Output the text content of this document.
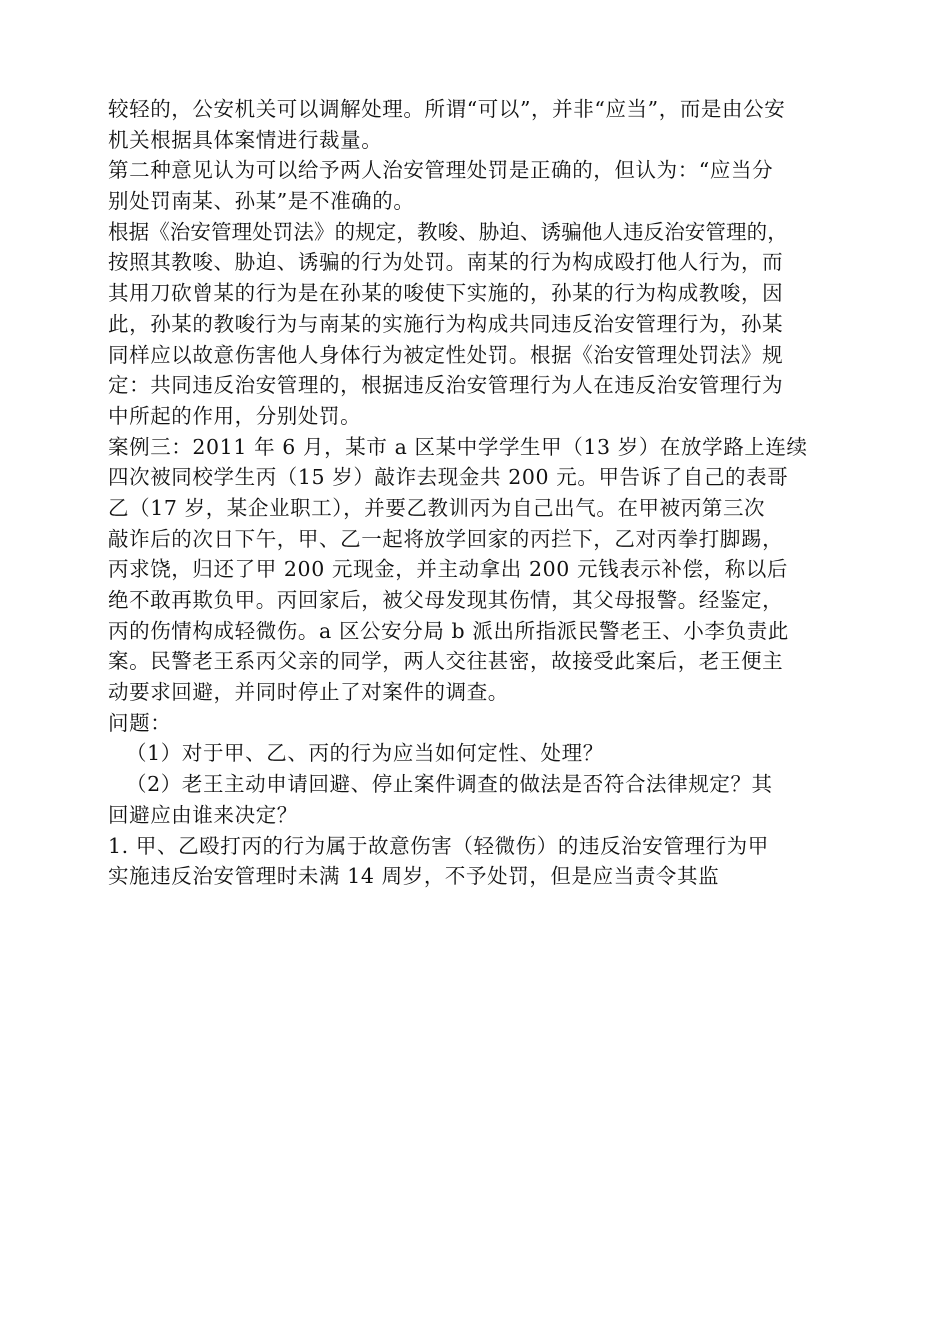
较轻的，公安机关可以调解处理。所谓“可以”，并非“应当”，而是由公安
机关根据具体案情进行裁量。
第二种意见认为可以给予两人治安管理处罚是正确的，但认为：“应当分
别处罚南某、孙某”是不准确的。
根据《治安管理处罚法》的规定，教唆、胁迫、诱骗他人违反治安管理的，
按照其教唆、胁迫、诱骗的行为处罚。南某的行为构成殴打他人行为，而
其用刀砍曾某的行为是在孙某的唆使下实施的，孙某的行为构成教唆，因
此，孙某的教唆行为与南某的实施行为构成共同违反治安管理行为，孙某
同样应以故意伤害他人身体行为被定性处罚。根据《治安管理处罚法》规
定：共同违反治安管理的，根据违反治安管理行为人在违反治安管理行为
中所起的作用，分别处罚。
案例三：2011 年 6 月，某市 a 区某中学学生甲（13 岁）在放学路上连续
四次被同校学生丙（15 岁）敲诈去现金共 200 元。甲告诉了自己的表哥
乙（17 岁，某企业职工），并要乙教训丙为自己出气。在甲被丙第三次
敲诈后的次日下午，甲、乙一起将放学回家的丙拦下，乙对丙拳打脚踢，
丙求饶，归还了甲 200 元现金，并主动拿出 200 元钱表示补偿，称以后
绝不敢再欺负甲。丙回家后，被父母发现其伤情，其父母报警。经鉴定，
丙的伤情构成轻微伤。a 区公安分局 b 派出所指派民警老王、小李负责此
案。民警老王系丙父亲的同学，两人交往甚密，故接受此案后，老王便主
动要求回避，并同时停止了对案件的调查。
问题：
（1）对于甲、乙、丙的行为应当如何定性、处理？
（2）老王主动申请回避、停止案件调查的做法是否符合法律规定？其
回避应由谁来决定？
1. 甲、乙殴打丙的行为属于故意伤害（轻微伤）的违反治安管理行为甲
实施违反治安管理时未满 14 周岁，不予处罚，但是应当责令其监
